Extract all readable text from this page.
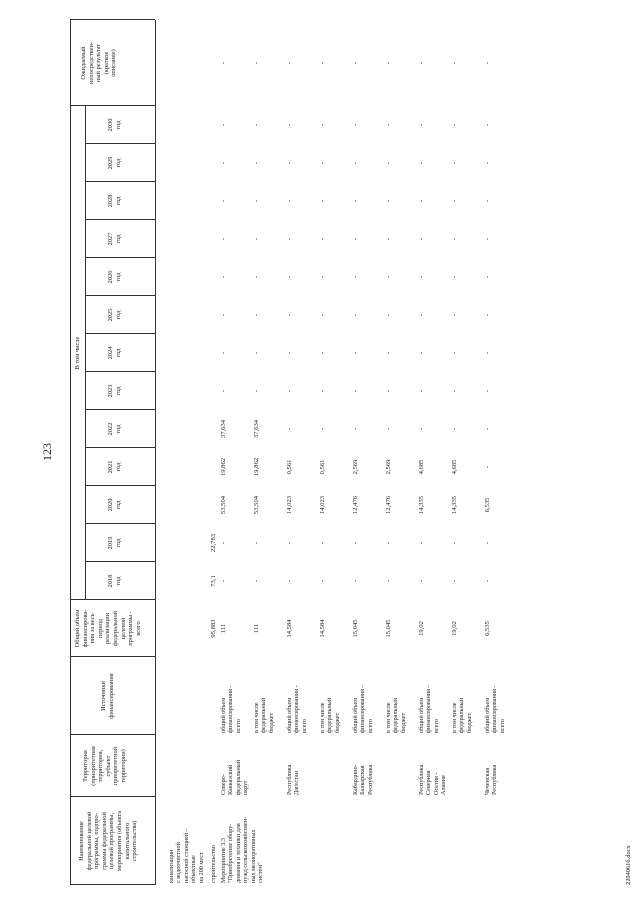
123
2204061б.docx
Наименование
федеральной целевой
программы, подпро-
граммы федеральной
целевой программы,
мероприятия (объекта
капитального
строительства)
Территория
(приоритетная
территория,
субъект
приоритетной
территории)
Источники
финансирования
Общий объем
финансирова-
ния за весь
период
реализации
федеральной
целевой
программы -
всего
В том числе
2018
год
2019
год
2020
год
2021
год
2022
год
2023
год
2024
год
2025
год
2026
год
2027
год
2028
год
2029
год
2030
год
Ожидаемый
непосредствен-
ный результат
(краткое
описание)
канализации
с водоочистной
насосной станцией -
объектные
на 200 мест строительство
95,883
73,1
22,783
Мероприятие 3.3
"Приобретение обору-
дования и техники для
нужд сельскохозяйствен-
ных мелиоративных
систем"
Северо-
Кавказский
федеральный
округ
общий объем
финансирования -
всего
111
-
-
53,504
19,862
37,634
-
-
-
-
-
-
-
-
-
в том числе
федеральный
бюджет
111
-
-
53,504
19,862
37,634
-
-
-
-
-
-
-
-
-
Республика
Дагестан
общий объем
финансирования -
всего
14,584
-
-
14,023
0,561
-
-
-
-
-
-
-
-
-
-
в том числе
федеральный
бюджет
14,584
-
-
14,023
0,561
-
-
-
-
-
-
-
-
-
-
Кабардино-
Балкарская
Республика
общий объем
финансирования -
всего
15,045
-
-
12,476
2,569
-
-
-
-
-
-
-
-
-
-
в том числе
федеральный
бюджет
15,045
-
-
12,476
2,569
-
-
-
-
-
-
-
-
-
-
Республика
Северная
Осетия -
Алания
общий объем
финансирования -
всего
19,02
-
-
14,335
4,685
-
-
-
-
-
-
-
-
-
-
в том числе
федеральный
бюджет
19,02
-
-
14,335
4,685
-
-
-
-
-
-
-
-
-
-
Чеченская
Республика
общий объем
финансирования -
всего
6,535
-
-
6,535
-
-
-
-
-
-
-
-
-
-
-
